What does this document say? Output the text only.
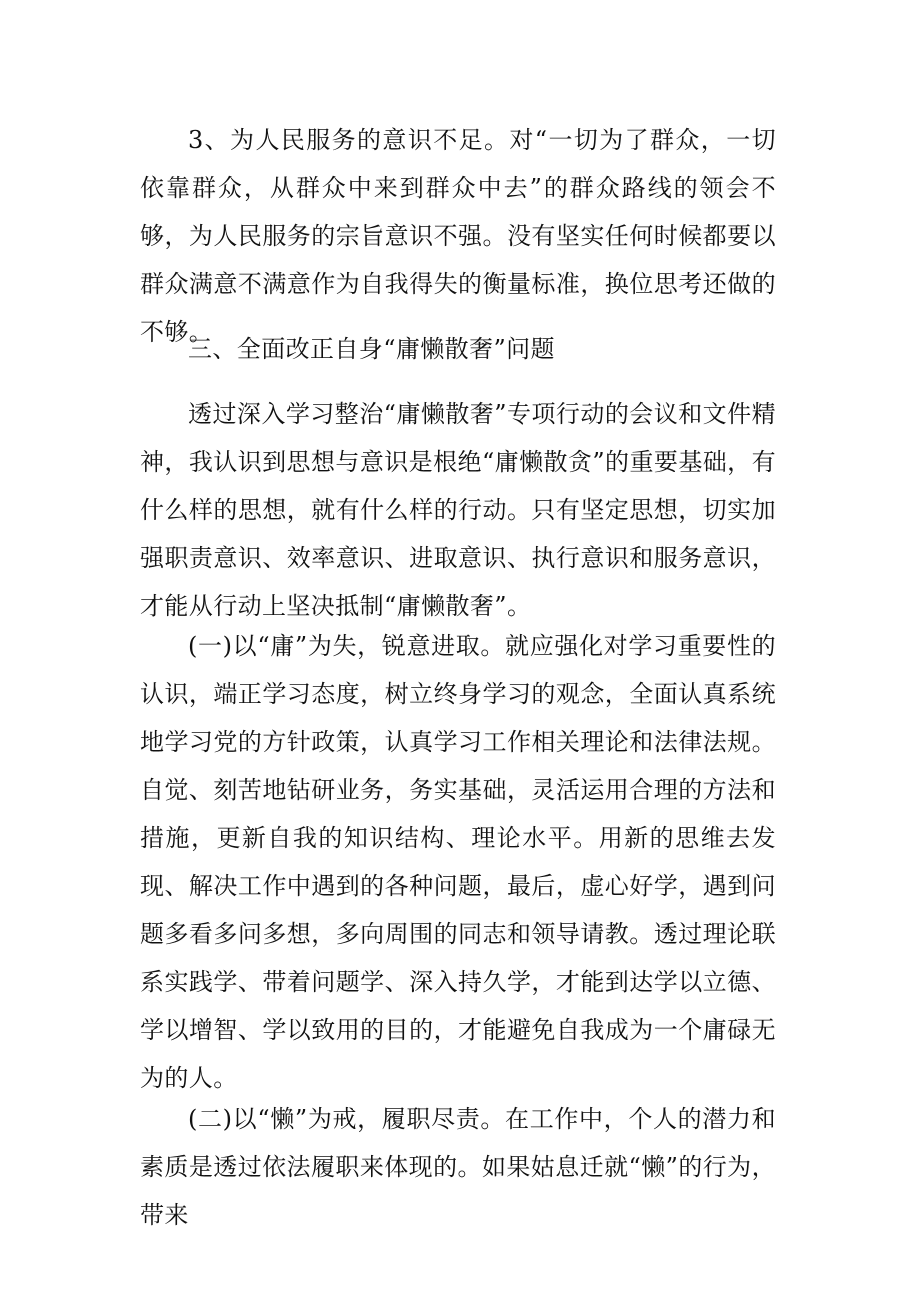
3、为人民服务的意识不足。对“一切为了群众，一切依靠群众，从群众中来到群众中去”的群众路线的领会不够，为人民服务的宗旨意识不强。没有坚实任何时候都要以群众满意不满意作为自我得失的衡量标准，换位思考还做的不够。

三、全面改正自身“庸懒散奢”问题

透过深入学习整治“庸懒散奢”专项行动的会议和文件精神，我认识到思想与意识是根绝“庸懒散贪”的重要基础，有什么样的思想，就有什么样的行动。只有坚定思想，切实加强职责意识、效率意识、进取意识、执行意识和服务意识，才能从行动上坚决抵制“庸懒散奢”。

(一)以“庸”为失，锐意进取。就应强化对学习重要性的认识，端正学习态度，树立终身学习的观念，全面认真系统地学习党的方针政策，认真学习工作相关理论和法律法规。自觉、刻苦地钻研业务，务实基础，灵活运用合理的方法和措施，更新自我的知识结构、理论水平。用新的思维去发现、解决工作中遇到的各种问题，最后，虚心好学，遇到问题多看多问多想，多向周围的同志和领导请教。透过理论联系实践学、带着问题学、深入持久学，才能到达学以立德、学以增智、学以致用的目的，才能避免自我成为一个庸碌无为的人。

(二)以“懒”为戒，履职尽责。在工作中，个人的潜力和素质是透过依法履职来体现的。如果姑息迁就“懒”的行为，带来
